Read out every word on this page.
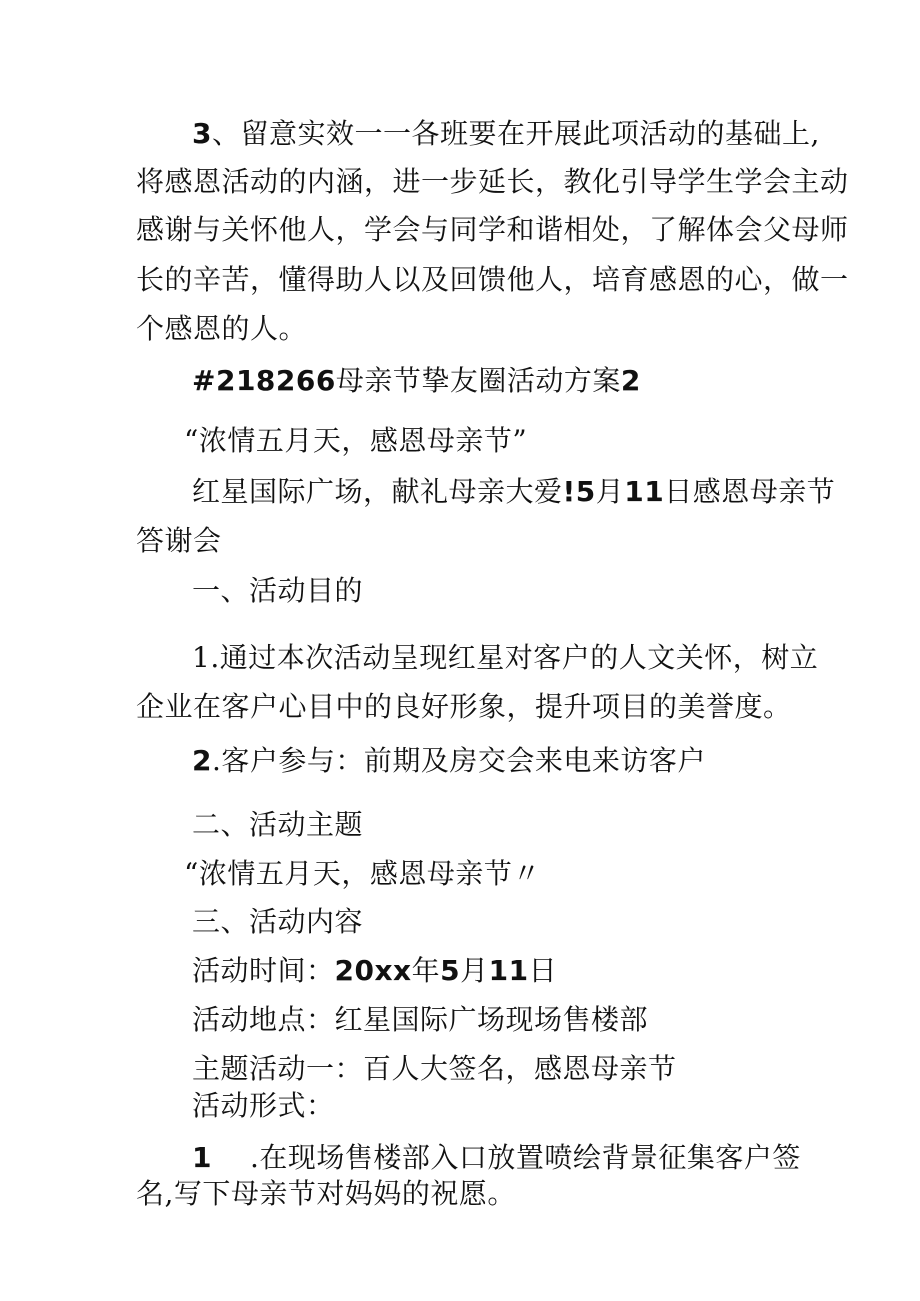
3、留意实效一一各班要在开展此项活动的基础上,
将感恩活动的内涵，进一步延长，教化引导学生学会主动
感谢与关怀他人，学会与同学和谐相处，了解体会父母师
长的辛苦，懂得助人以及回馈他人，培育感恩的心，做一
个感恩的人。
#218266母亲节挚友圈活动方案2
“浓情五月天，感恩母亲节”
红星国际广场，献礼母亲大爱!5月11日感恩母亲节
答谢会
一、活动目的
1.通过本次活动呈现红星对客户的人文关怀，树立
企业在客户心目中的良好形象，提升项目的美誉度。
2.客户参与：前期及房交会来电来访客户
二、活动主题
“浓情五月天，感恩母亲节〃
三、活动内容
活动时间：20xx年5月11日
活动地点：红星国际广场现场售楼部
主题活动一：百人大签名，感恩母亲节
活动形式：
1 .在现场售楼部入口放置喷绘背景征集客户签
名,写下母亲节对妈妈的祝愿。
